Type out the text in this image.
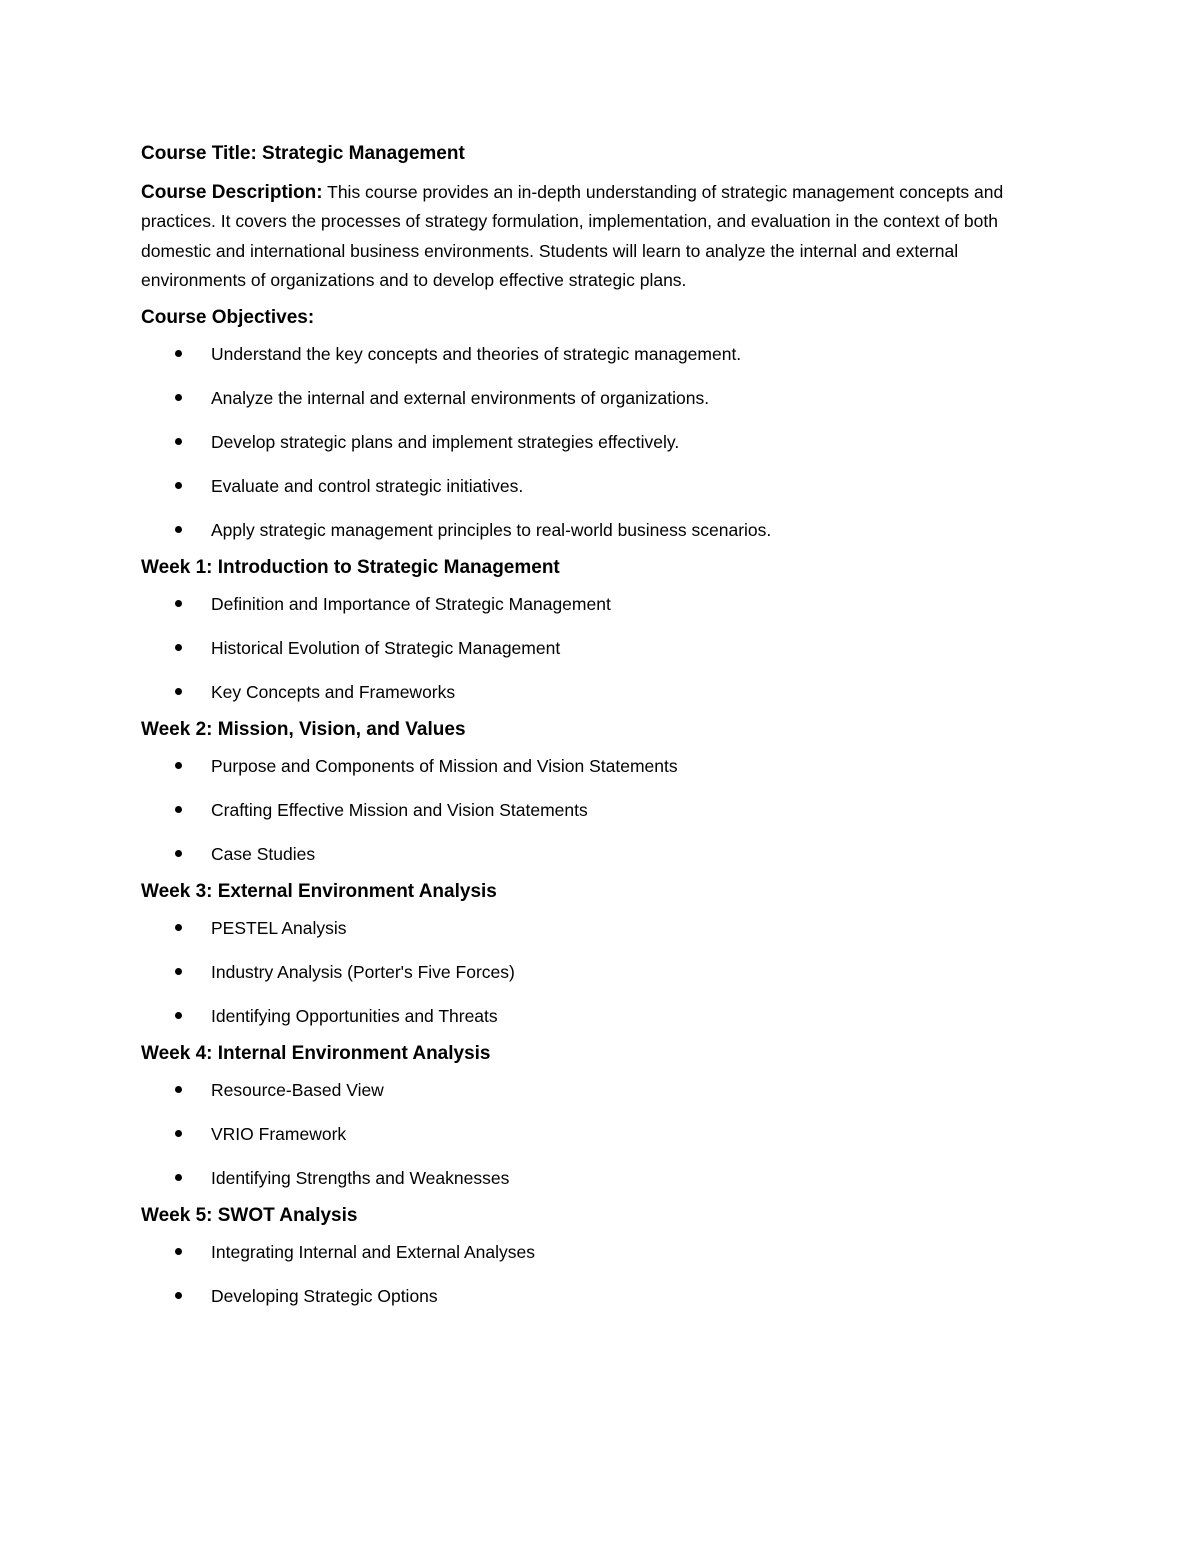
Course Title: Strategic Management

Course Description: This course provides an in-depth understanding of strategic management concepts and practices. It covers the processes of strategy formulation, implementation, and evaluation in the context of both domestic and international business environments. Students will learn to analyze the internal and external environments of organizations and to develop effective strategic plans.

Course Objectives:
Understand the key concepts and theories of strategic management.
Analyze the internal and external environments of organizations.
Develop strategic plans and implement strategies effectively.
Evaluate and control strategic initiatives.
Apply strategic management principles to real-world business scenarios.
Week 1: Introduction to Strategic Management
Definition and Importance of Strategic Management
Historical Evolution of Strategic Management
Key Concepts and Frameworks
Week 2: Mission, Vision, and Values
Purpose and Components of Mission and Vision Statements
Crafting Effective Mission and Vision Statements
Case Studies
Week 3: External Environment Analysis
PESTEL Analysis
Industry Analysis (Porter's Five Forces)
Identifying Opportunities and Threats
Week 4: Internal Environment Analysis
Resource-Based View
VRIO Framework
Identifying Strengths and Weaknesses
Week 5: SWOT Analysis
Integrating Internal and External Analyses
Developing Strategic Options
